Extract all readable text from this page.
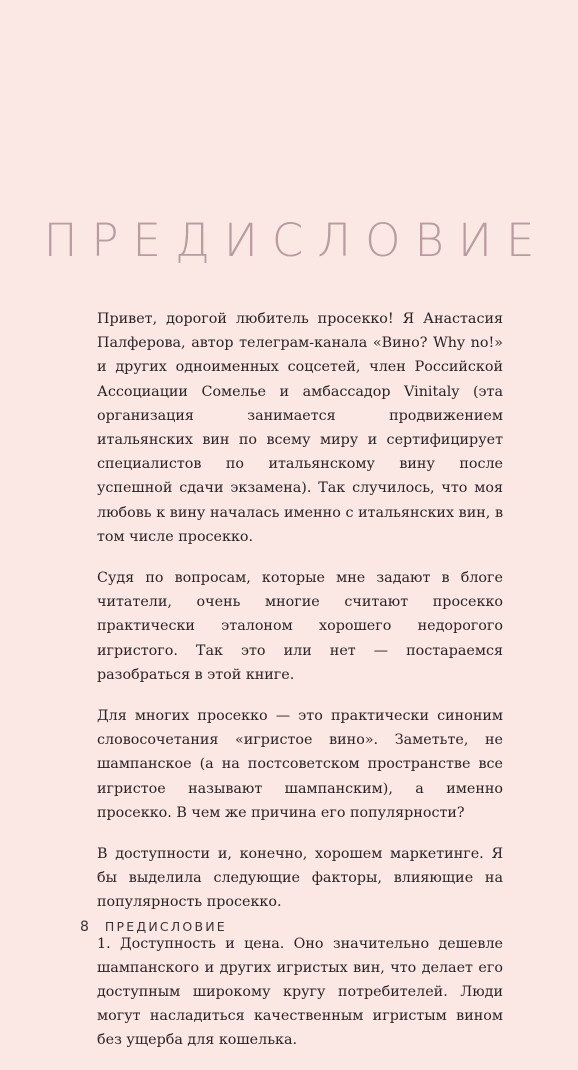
ПРЕДИСЛОВИЕ

Привет, дорогой любитель просекко! Я Анастасия Палферова, автор телеграм-канала «Вино? Why no!» и других одноименных соцсетей, член Российской Ассоциации Сомелье и амбассадор Vinitaly (эта организация занимается продвижением итальянских вин по всему миру и сертифицирует специалистов по итальянскому вину после успешной сдачи экзамена). Так случилось, что моя любовь к вину началась именно с итальянских вин, в том числе просекко.

Судя по вопросам, которые мне задают в блоге читатели, очень многие считают просекко практически эталоном хорошего недорогого игристого. Так это или нет — постараемся разобраться в этой книге.

Для многих просекко — это практически синоним словосочетания «игристое вино». Заметьте, не шампанское (а на постсоветском пространстве все игристое называют шампанским), а именно просекко. В чем же причина его популярности?

В доступности и, конечно, хорошем маркетинге. Я бы выделила следующие факторы, влияющие на популярность просекко.

1. Доступность и цена. Оно значительно дешевле шампанского и других игристых вин, что делает его доступным широкому кругу потребителей. Люди могут насладиться качественным игристым вином без ущерба для кошелька.

8 ПРЕДИСЛОВИЕ
